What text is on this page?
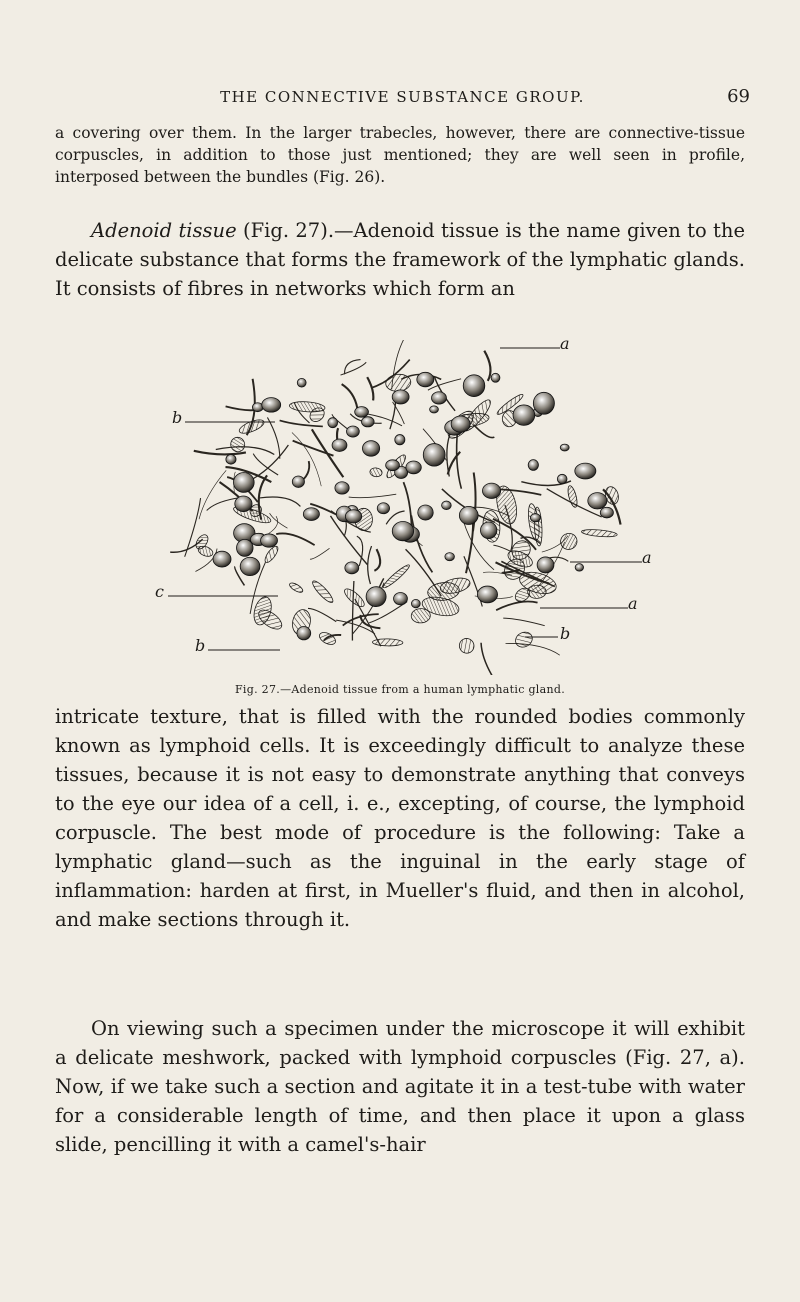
THE CONNECTIVE SUBSTANCE GROUP.	69

a covering over them. In the larger trabecles, however, there are connective-tissue corpuscles, in addition to those just mentioned; they are well seen in profile, interposed between the bundles (Fig. 26).

Adenoid tissue (Fig. 27).—Adenoid tissue is the name given to the delicate substance that forms the framework of the lymphatic glands. It consists of fibres in networks which form an

a
b
a
a
b
c
b
Fig. 27.—Adenoid tissue from a human lymphatic gland.

intricate texture, that is filled with the rounded bodies commonly known as lymphoid cells. It is exceedingly difficult to analyze these tissues, because it is not easy to demonstrate anything that conveys to the eye our idea of a cell, i. e., excepting, of course, the lymphoid corpuscle. The best mode of procedure is the following: Take a lymphatic gland—such as the inguinal in the early stage of inflammation: harden at first, in Mueller's fluid, and then in alcohol, and make sections through it.

On viewing such a specimen under the microscope it will exhibit a delicate meshwork, packed with lymphoid corpuscles (Fig. 27, a). Now, if we take such a section and agitate it in a test-tube with water for a considerable length of time, and then place it upon a glass slide, pencilling it with a camel's-hair
